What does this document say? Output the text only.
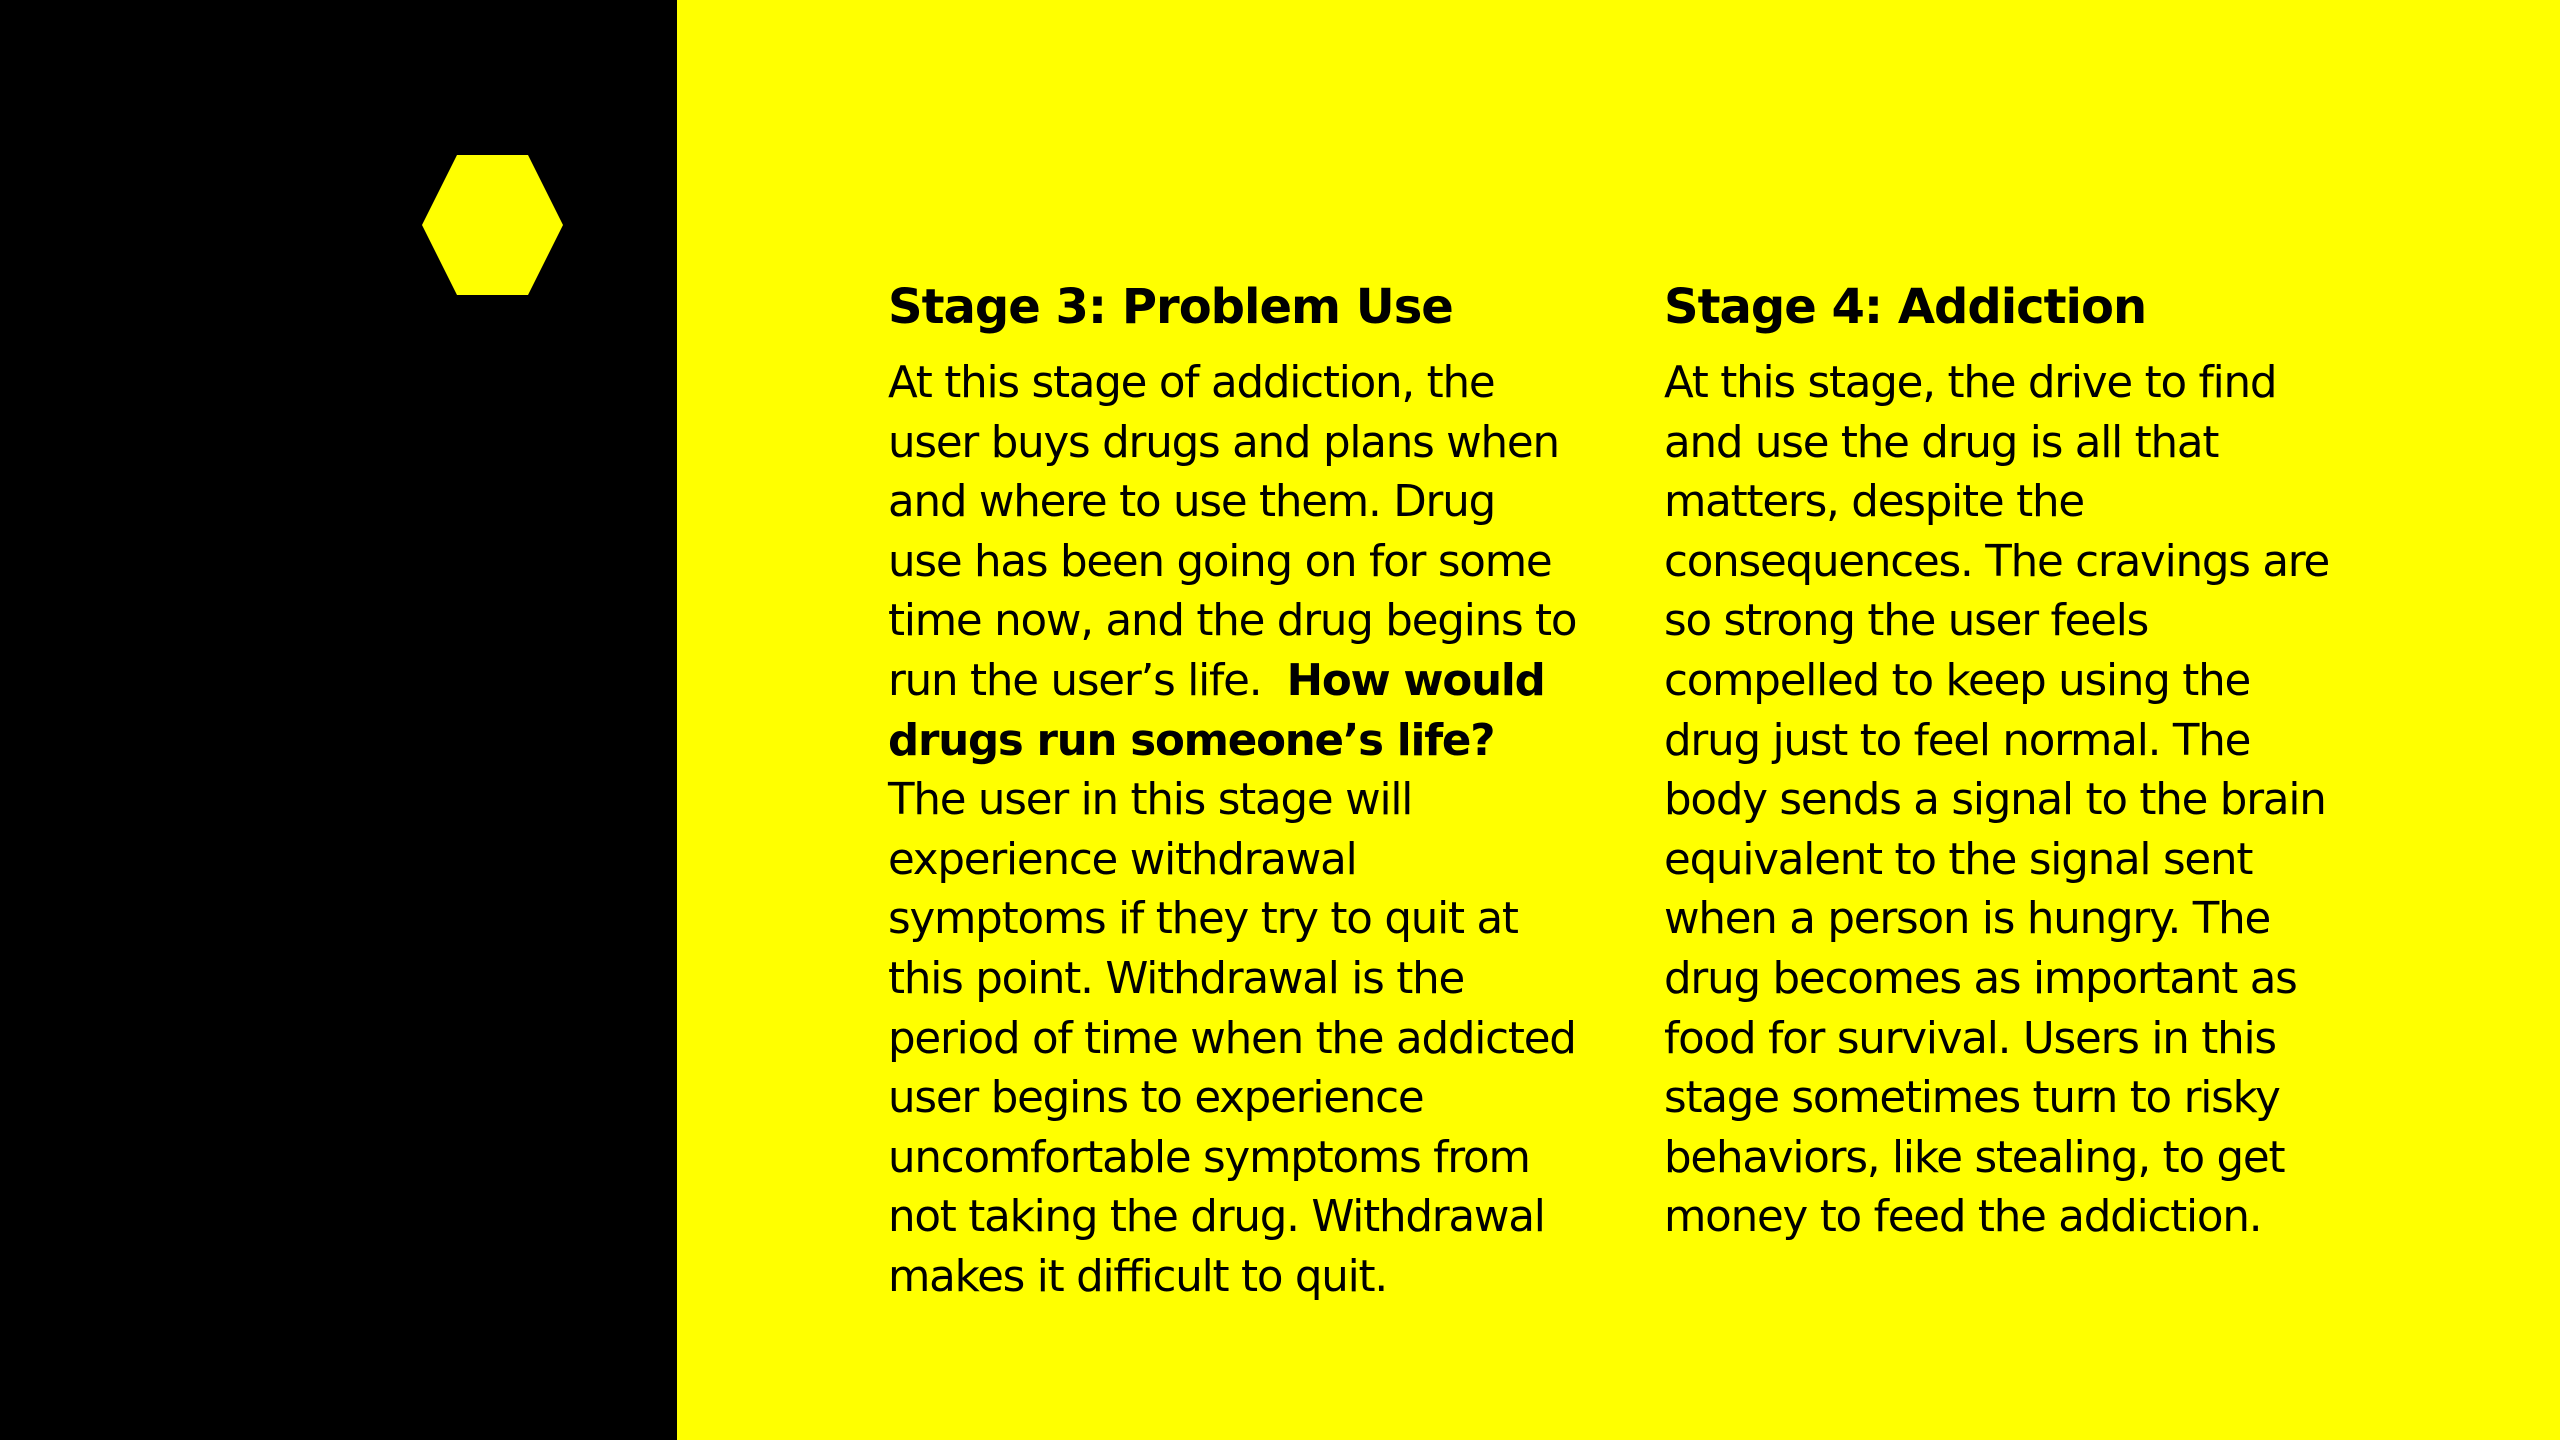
Stage 3: Problem Use

At this stage of addiction, the user buys drugs and plans when and where to use them. Drug use has been going on for some time now, and the drug begins to run the user’s life. How would drugs run someone’s life? The user in this stage will experience withdrawal symptoms if they try to quit at this point. Withdrawal is the period of time when the addicted user begins to experience uncomfortable symptoms from not taking the drug. Withdrawal makes it difficult to quit.

Stage 4: Addiction

At this stage, the drive to find and use the drug is all that matters, despite the consequences. The cravings are so strong the user feels compelled to keep using the drug just to feel normal. The body sends a signal to the brain equivalent to the signal sent when a person is hungry. The drug becomes as important as food for survival. Users in this stage sometimes turn to risky behaviors, like stealing, to get money to feed the addiction.
